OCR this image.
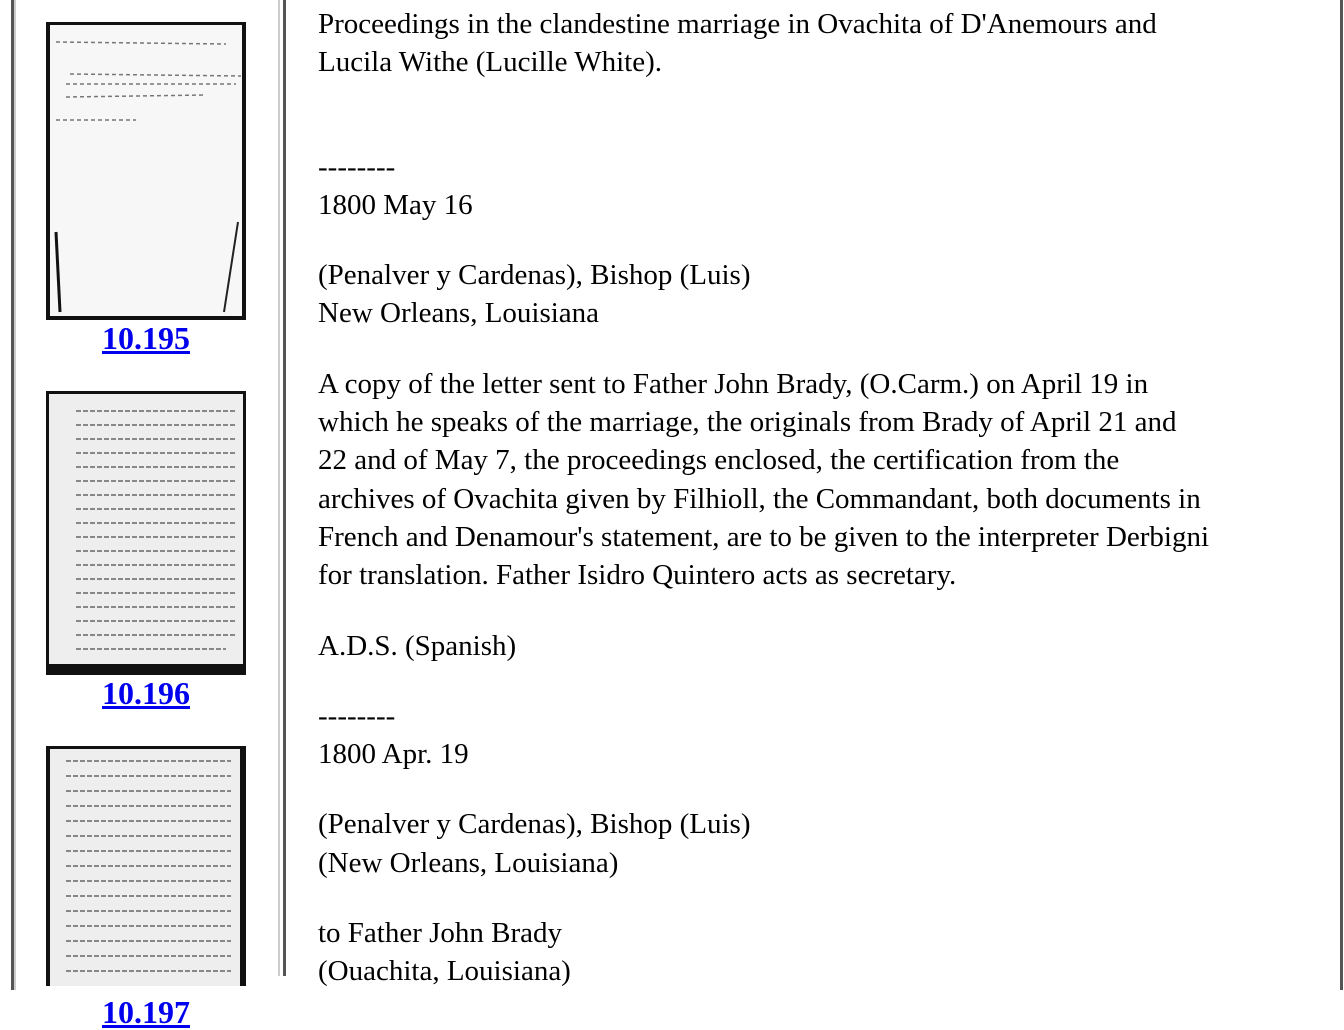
10.195
10.196
10.197

Proceedings in the clandestine marriage in Ovachita of D'Anemours and
Lucila Withe (Lucille White).

--------
1800 May 16

(Penalver y Cardenas), Bishop (Luis)
New Orleans, Louisiana

A copy of the letter sent to Father John Brady, (O.Carm.) on April 19 in
which he speaks of the marriage, the originals from Brady of April 21 and
22 and of May 7, the proceedings enclosed, the certification from the
archives of Ovachita given by Filhioll, the Commandant, both documents in
French and Denamour's statement, are to be given to the interpreter Derbigni
for translation. Father Isidro Quintero acts as secretary.

A.D.S. (Spanish)

--------
1800 Apr. 19

(Penalver y Cardenas), Bishop (Luis)
(New Orleans, Louisiana)

to Father John Brady
(Ouachita, Louisiana)
